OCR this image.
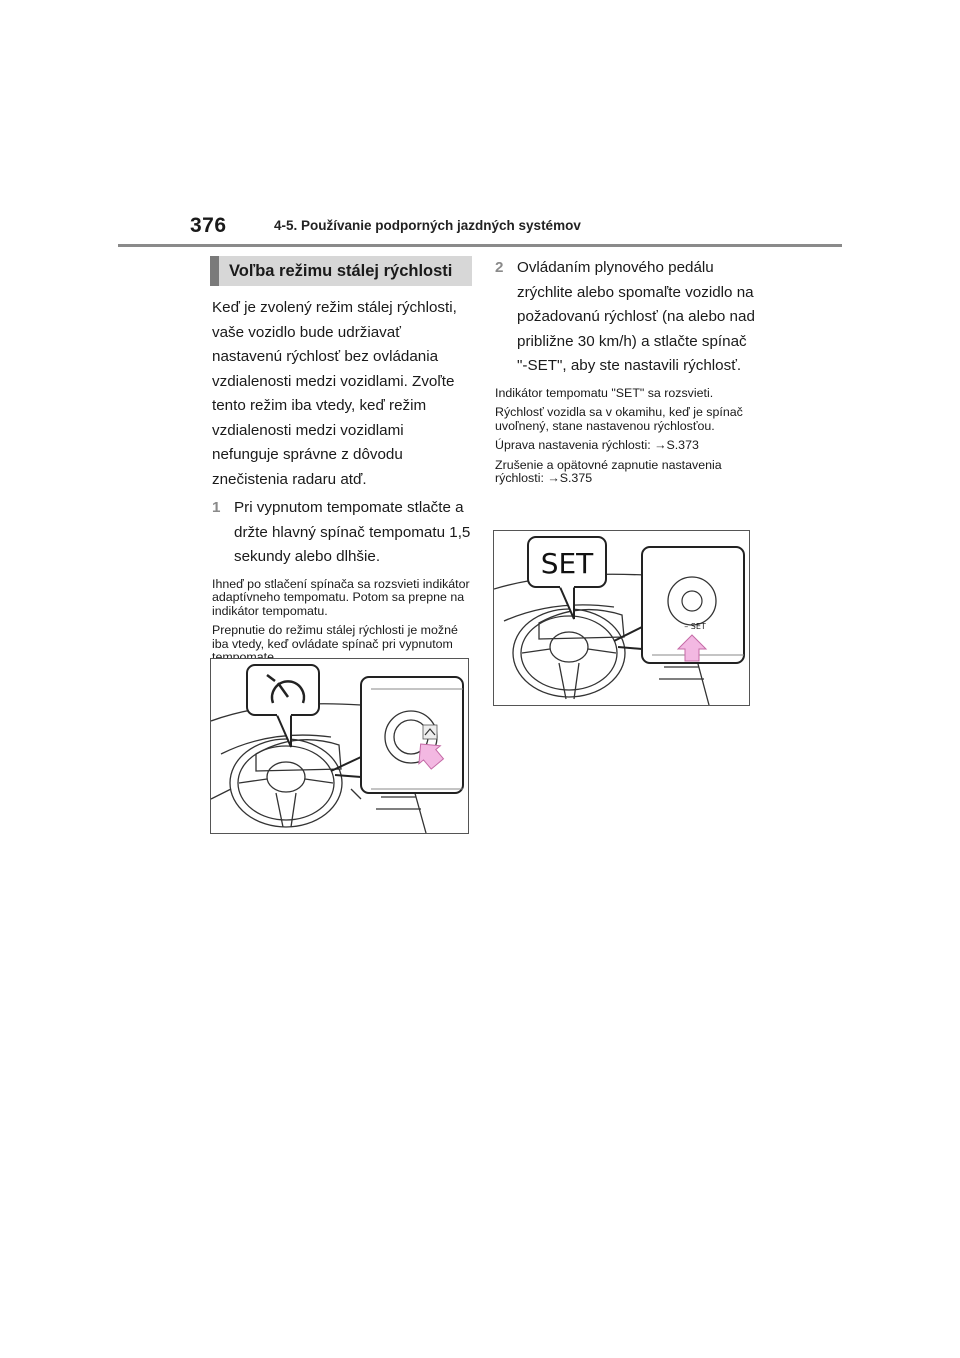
376	4-5. Používanie podporných jazdných systémov
Voľba režimu stálej rýchlosti
Keď je zvolený režim stálej rýchlosti, vaše vozidlo bude udržiavať nastavenú rýchlosť bez ovládania vzdialenosti medzi vozidlami. Zvoľte tento režim iba vtedy, keď režim vzdialenosti medzi vozidlami nefunguje správne z dôvodu znečistenia radaru atď.
1 Pri vypnutom tempomate stlačte a držte hlavný spínač tempomatu 1,5 sekundy alebo dlhšie.
Ihneď po stlačení spínača sa rozsvieti indikátor adaptívneho tempomatu. Potom sa prepne na indikátor tempomatu.
Prepnutie do režimu stálej rýchlosti je možné iba vtedy, keď ovládate spínač pri vypnutom
2 Ovládaním plynového pedálu zrýchlite alebo spomaľte vozidlo na požadovanú rýchlosť (na alebo nad približne 30 km/h) a stlačte spínač "-SET", aby ste nastavili rýchlosť.
Indikátor tempomatu "SET" sa rozsvieti.
Rýchlosť vozidla sa v okamihu, keď je spínač uvoľnený, stane nastavenou rýchlosťou.
Úprava nastavenia rýchlosti: →S.373
Zrušenie a opätovné zapnutie nastavenia rýchlosti: →S.375
SET
– SET
